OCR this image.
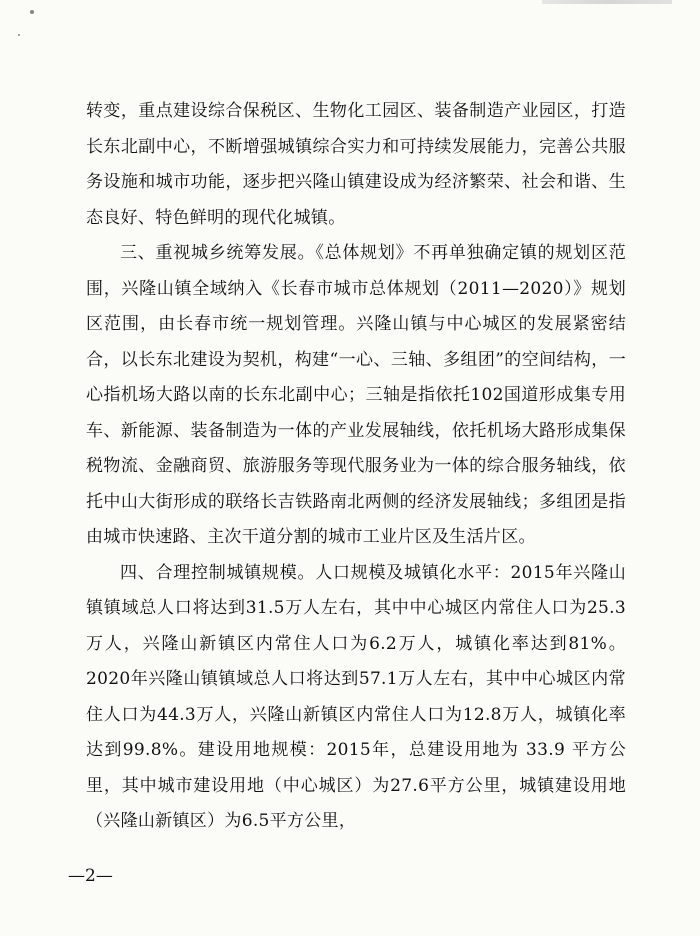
转变，重点建设综合保税区、生物化工园区、装备制造产业园区，打造长东北副中心，不断增强城镇综合实力和可持续发展能力，完善公共服务设施和城市功能，逐步把兴隆山镇建设成为经济繁荣、社会和谐、生态良好、特色鲜明的现代化城镇。

三、重视城乡统筹发展。《总体规划》不再单独确定镇的规划区范围，兴隆山镇全域纳入《长春市城市总体规划（2011—2020）》规划区范围，由长春市统一规划管理。兴隆山镇与中心城区的发展紧密结合，以长东北建设为契机，构建“一心、三轴、多组团”的空间结构，一心指机场大路以南的长东北副中心；三轴是指依托102国道形成集专用车、新能源、装备制造为一体的产业发展轴线，依托机场大路形成集保税物流、金融商贸、旅游服务等现代服务业为一体的综合服务轴线，依托中山大街形成的联络长吉铁路南北两侧的经济发展轴线；多组团是指由城市快速路、主次干道分割的城市工业片区及生活片区。

四、合理控制城镇规模。人口规模及城镇化水平：2015年兴隆山镇镇域总人口将达到31.5万人左右，其中中心城区内常住人口为25.3万人，兴隆山新镇区内常住人口为6.2万人，城镇化率达到81%。2020年兴隆山镇镇域总人口将达到57.1万人左右，其中中心城区内常住人口为44.3万人，兴隆山新镇区内常住人口为12.8万人，城镇化率达到99.8%。建设用地规模：2015年，总建设用地为 33.9 平方公里，其中城市建设用地（中心城区）为27.6平方公里，城镇建设用地（兴隆山新镇区）为6.5平方公里，

—2—
